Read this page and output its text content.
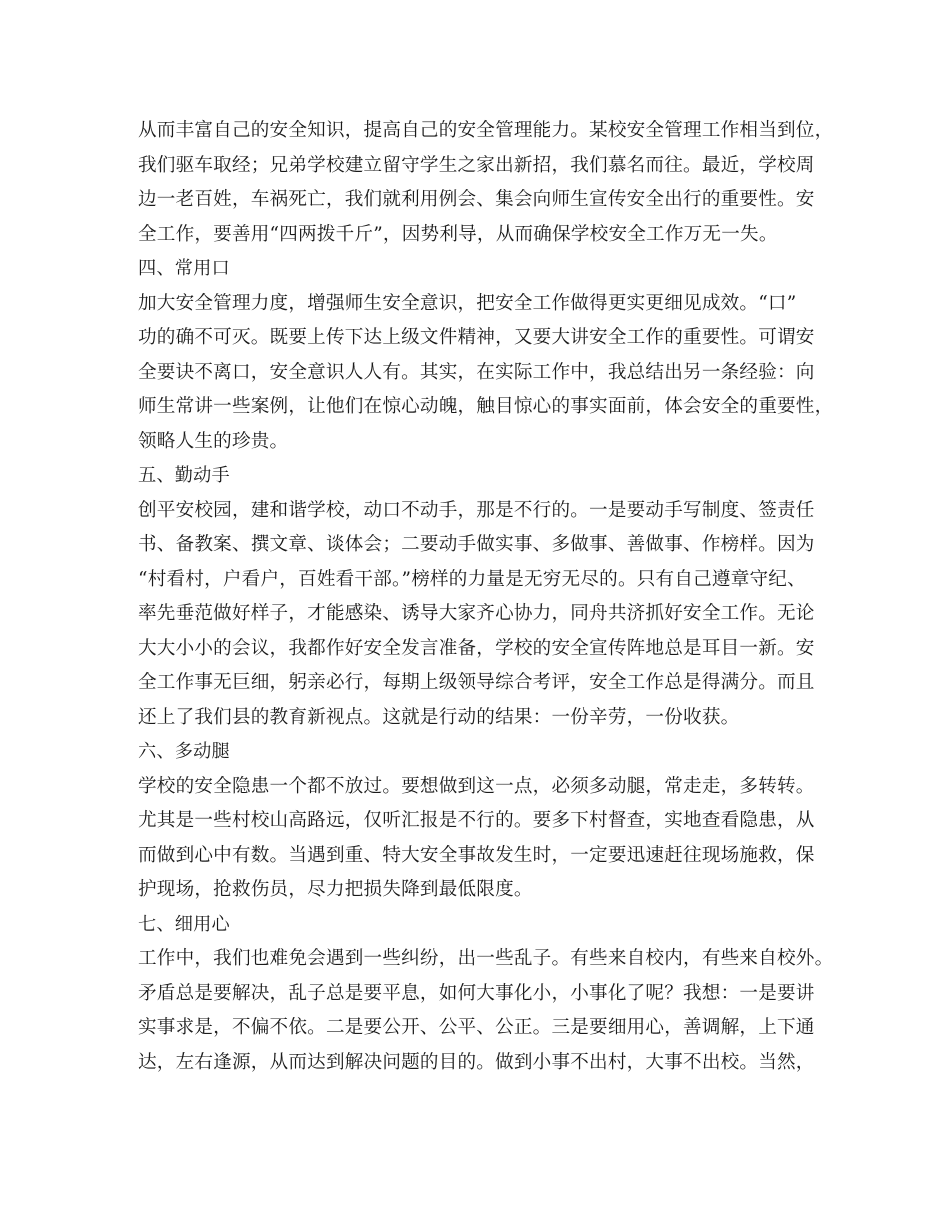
从而丰富自己的安全知识，提高自己的安全管理能力。某校安全管理工作相当到位，
我们驱车取经；兄弟学校建立留守学生之家出新招，我们慕名而往。最近，学校周
边一老百姓，车祸死亡，我们就利用例会、集会向师生宣传安全出行的重要性。安
全工作，要善用“四两拨千斤”，因势利导，从而确保学校安全工作万无一失。
四、常用口
加大安全管理力度，增强师生安全意识，把安全工作做得更实更细见成效。“口”
功的确不可灭。既要上传下达上级文件精神，又要大讲安全工作的重要性。可谓安
全要诀不离口，安全意识人人有。其实，在实际工作中，我总结出另一条经验：向
师生常讲一些案例，让他们在惊心动魄，触目惊心的事实面前，体会安全的重要性，
领略人生的珍贵。
五、勤动手
创平安校园，建和谐学校，动口不动手，那是不行的。一是要动手写制度、签责任
书、备教案、撰文章、谈体会；二要动手做实事、多做事、善做事、作榜样。因为
“村看村，户看户，百姓看干部。”榜样的力量是无穷无尽的。只有自己遵章守纪、
率先垂范做好样子，才能感染、诱导大家齐心协力，同舟共济抓好安全工作。无论
大大小小的会议，我都作好安全发言准备，学校的安全宣传阵地总是耳目一新。安
全工作事无巨细，躬亲必行，每期上级领导综合考评，安全工作总是得满分。而且
还上了我们县的教育新视点。这就是行动的结果：一份辛劳，一份收获。
六、多动腿
学校的安全隐患一个都不放过。要想做到这一点，必须多动腿，常走走，多转转。
尤其是一些村校山高路远，仅听汇报是不行的。要多下村督查，实地查看隐患，从
而做到心中有数。当遇到重、特大安全事故发生时，一定要迅速赶往现场施救，保
护现场，抢救伤员，尽力把损失降到最低限度。
七、细用心
工作中，我们也难免会遇到一些纠纷，出一些乱子。有些来自校内，有些来自校外。
矛盾总是要解决，乱子总是要平息，如何大事化小，小事化了呢？我想：一是要讲
实事求是，不偏不依。二是要公开、公平、公正。三是要细用心，善调解，上下通
达，左右逢源，从而达到解决问题的目的。做到小事不出村，大事不出校。当然，
